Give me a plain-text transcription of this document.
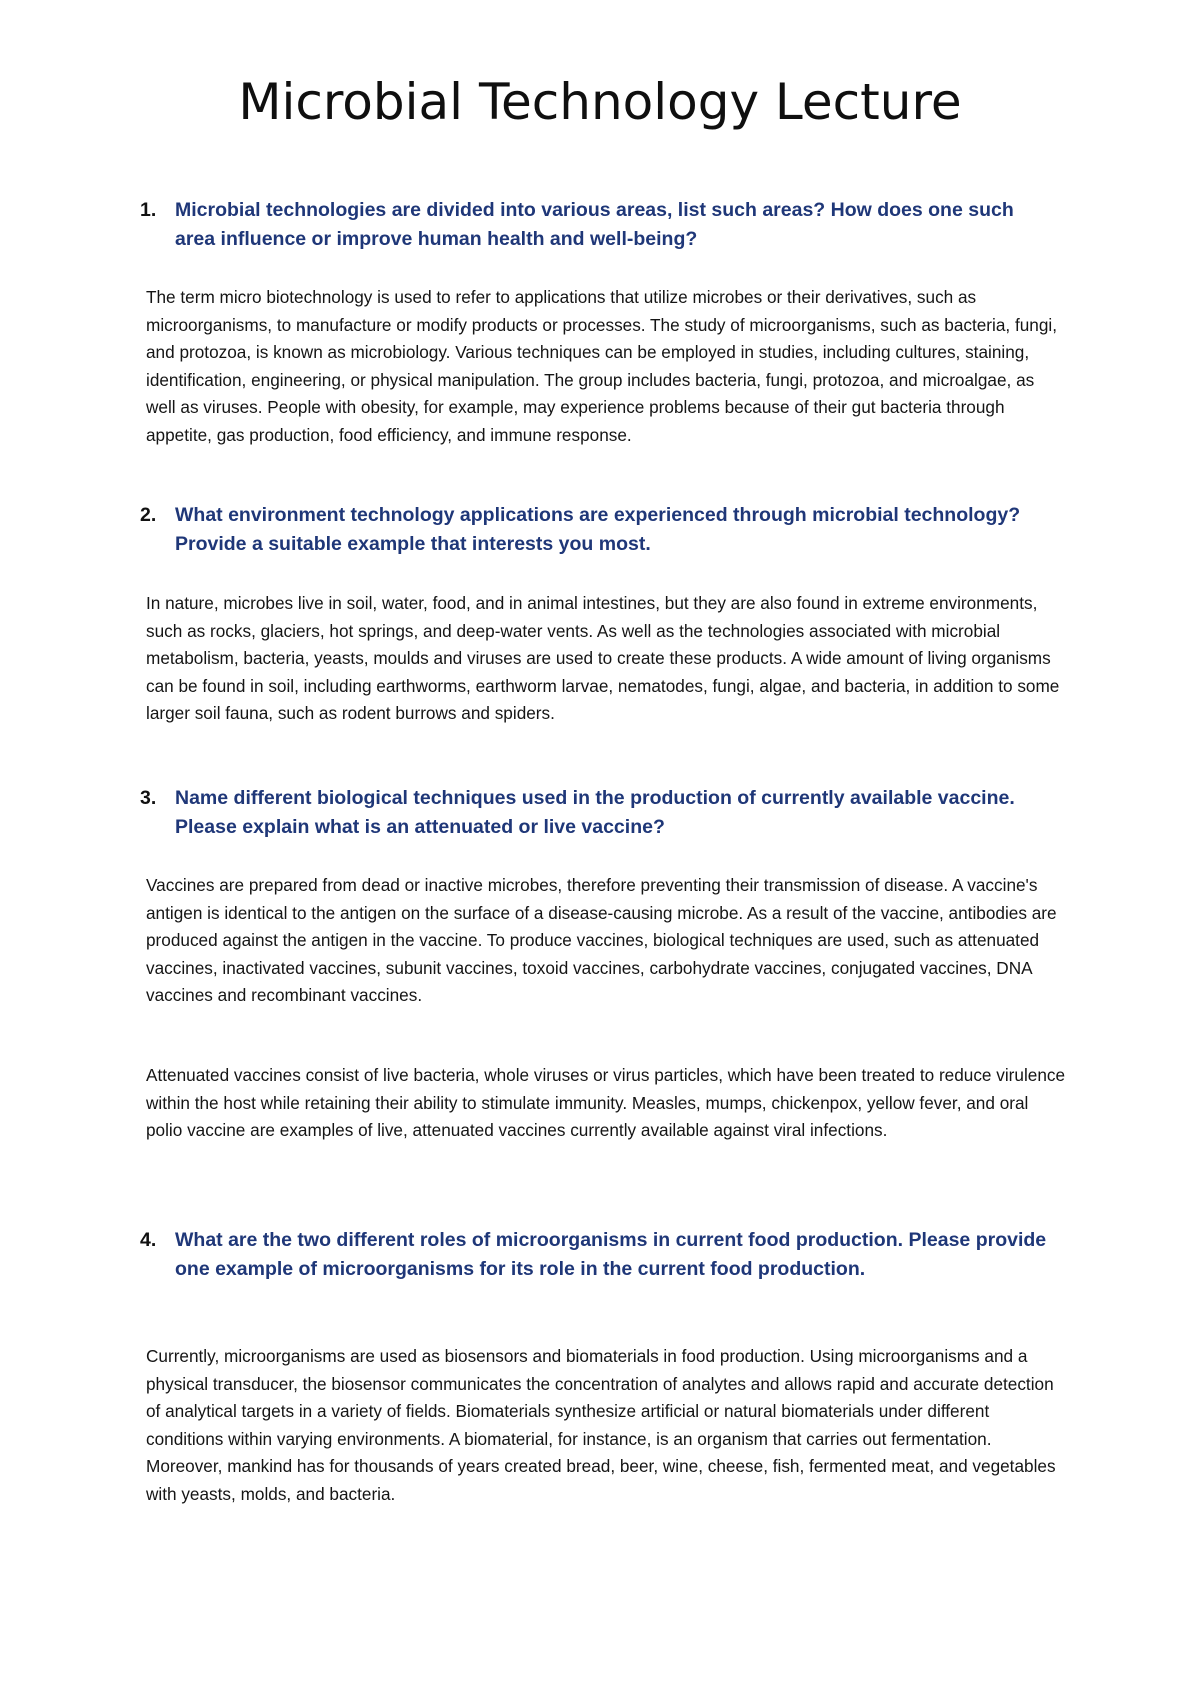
Microbial Technology Lecture
1. Microbial technologies are divided into various areas, list such areas? How does one such area influence or improve human health and well-being?

The term micro biotechnology is used to refer to applications that utilize microbes or their derivatives, such as microorganisms, to manufacture or modify products or processes. The study of microorganisms, such as bacteria, fungi, and protozoa, is known as microbiology. Various techniques can be employed in studies, including cultures, staining, identification, engineering, or physical manipulation. The group includes bacteria, fungi, protozoa, and microalgae, as well as viruses. People with obesity, for example, may experience problems because of their gut bacteria through appetite, gas production, food efficiency, and immune response.

2. What environment technology applications are experienced through microbial technology? Provide a suitable example that interests you most.

In nature, microbes live in soil, water, food, and in animal intestines, but they are also found in extreme environments, such as rocks, glaciers, hot springs, and deep-water vents. As well as the technologies associated with microbial metabolism, bacteria, yeasts, moulds and viruses are used to create these products. A wide amount of living organisms can be found in soil, including earthworms, earthworm larvae, nematodes, fungi, algae, and bacteria, in addition to some larger soil fauna, such as rodent burrows and spiders.

3. Name different biological techniques used in the production of currently available vaccine. Please explain what is an attenuated or live vaccine?

Vaccines are prepared from dead or inactive microbes, therefore preventing their transmission of disease. A vaccine's antigen is identical to the antigen on the surface of a disease-causing microbe. As a result of the vaccine, antibodies are produced against the antigen in the vaccine. To produce vaccines, biological techniques are used, such as attenuated vaccines, inactivated vaccines, subunit vaccines, toxoid vaccines, carbohydrate vaccines, conjugated vaccines, DNA vaccines and recombinant vaccines.

Attenuated vaccines consist of live bacteria, whole viruses or virus particles, which have been treated to reduce virulence within the host while retaining their ability to stimulate immunity. Measles, mumps, chickenpox, yellow fever, and oral polio vaccine are examples of live, attenuated vaccines currently available against viral infections.

4. What are the two different roles of microorganisms in current food production. Please provide one example of microorganisms for its role in the current food production.

Currently, microorganisms are used as biosensors and biomaterials in food production. Using microorganisms and a physical transducer, the biosensor communicates the concentration of analytes and allows rapid and accurate detection of analytical targets in a variety of fields. Biomaterials synthesize artificial or natural biomaterials under different conditions within varying environments. A biomaterial, for instance, is an organism that carries out fermentation. Moreover, mankind has for thousands of years created bread, beer, wine, cheese, fish, fermented meat, and vegetables with yeasts, molds, and bacteria.
